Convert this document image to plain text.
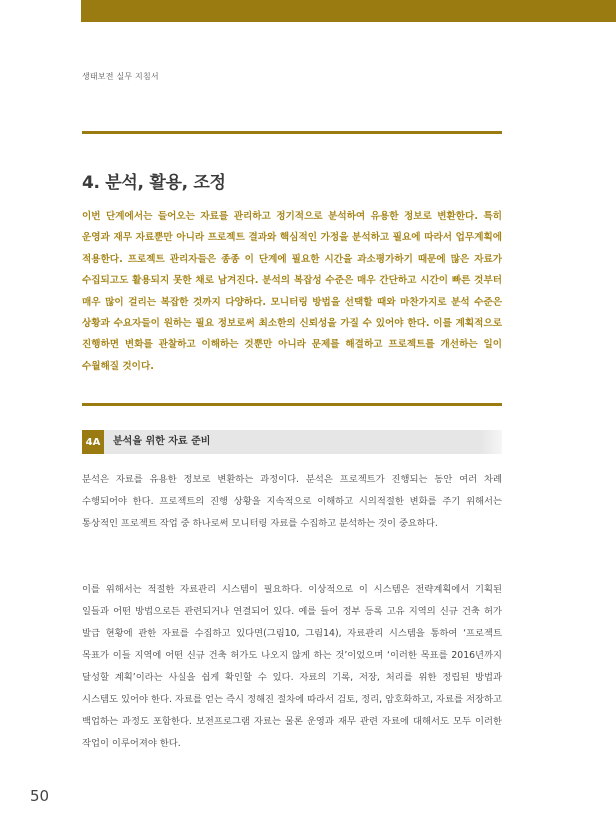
생태보전 실무 지침서
4. 분석, 활용, 조정

이번 단계에서는 들어오는 자료를 관리하고 정기적으로 분석하여 유용한 정보로 변환한다. 특히 운영과 재무 자료뿐만 아니라 프로젝트 결과와 핵심적인 가정을 분석하고 필요에 따라서 업무계획에 적용한다. 프로젝트 관리자들은 종종 이 단계에 필요한 시간을 과소평가하기 때문에 많은 자료가 수집되고도 활용되지 못한 채로 남겨진다. 분석의 복잡성 수준은 매우 간단하고 시간이 빠른 것부터 매우 많이 걸리는 복잡한 것까지 다양하다. 모니터링 방법을 선택할 때와 마찬가지로 분석 수준은 상황과 수요자들이 원하는 필요 정보로써 최소한의 신뢰성을 가질 수 있어야 한다. 이를 계획적으로 진행하면 변화를 관찰하고 이해하는 것뿐만 아니라 문제를 해결하고 프로젝트를 개선하는 일이 수월해질 것이다.

4A	분석을 위한 자료 준비

분석은 자료를 유용한 정보로 변환하는 과정이다. 분석은 프로젝트가 진행되는 동안 여러 차례 수행되어야 한다. 프로젝트의 진행 상황을 지속적으로 이해하고 시의적절한 변화를 주기 위해서는 통상적인 프로젝트 작업 중 하나로써 모니터링 자료를 수집하고 분석하는 것이 중요하다.

이를 위해서는 적절한 자료관리 시스템이 필요하다. 이상적으로 이 시스템은 전략계획에서 기획된 일들과 어떤 방법으로든 관련되거나 연결되어 있다. 예를 들어 정부 등록 고유 지역의 신규 건축 허가 발급 현황에 관한 자료를 수집하고 있다면(그림10, 그림14), 자료관리 시스템을 통하여 ‘프로젝트 목표가 이들 지역에 어떤 신규 건축 허가도 나오지 않게 하는 것’이었으며 ‘이러한 목표를 2016년까지 달성할 계획’이라는 사실을 쉽게 확인할 수 있다. 자료의 기록, 저장, 처리를 위한 정립된 방법과 시스템도 있어야 한다. 자료를 얻는 즉시 정해진 절차에 따라서 검토, 정리, 암호화하고, 자료를 저장하고 백업하는 과정도 포함한다. 보전프로그램 자료는 물론 운영과 재무 관련 자료에 대해서도 모두 이러한 작업이 이루어져야 한다.

50
